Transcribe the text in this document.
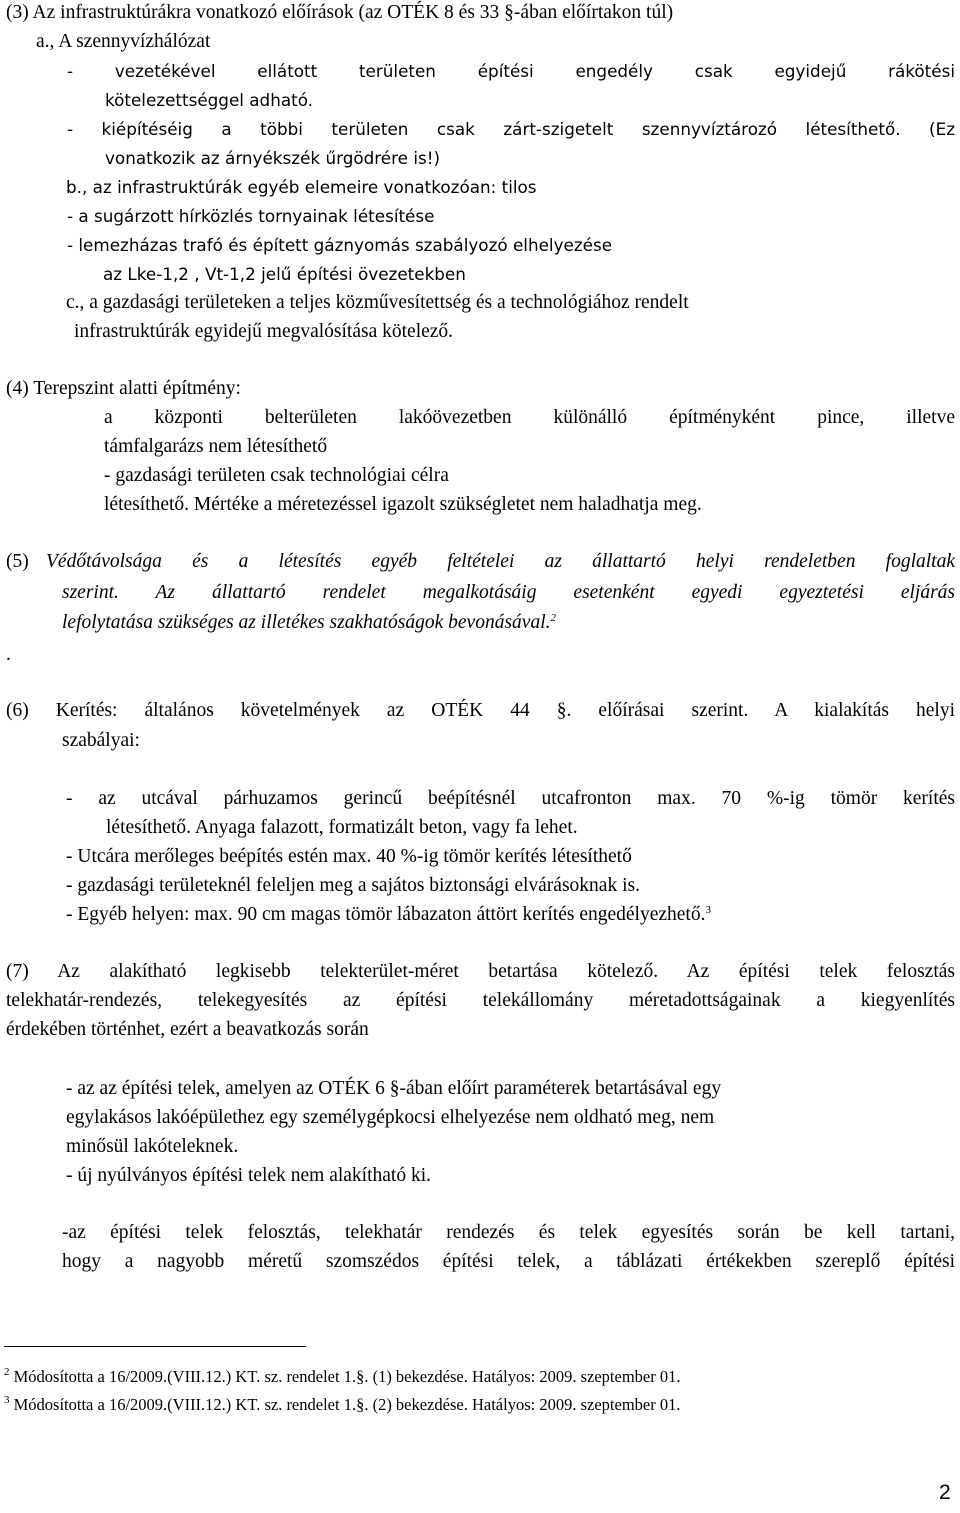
(3) Az infrastruktúrákra vonatkozó előírások (az OTÉK 8 és 33 §-ában előírtakon túl)
a., A szennyvízhálózat
- vezetékével ellátott területen építési engedély csak egyidejű rákötési
kötelezettséggel adható.
- kiépítéséig a többi területen csak zárt-szigetelt szennyvíztározó létesíthető. (Ez
vonatkozik az árnyékszék űrgödrére is!)
b., az infrastruktúrák egyéb elemeire vonatkozóan: tilos
- a sugárzott hírközlés tornyainak létesítése
- lemezházas trafó és épített gáznyomás szabályozó elhelyezése
az Lke-1,2 , Vt-1,2 jelű építési övezetekben
c., a gazdasági területeken a teljes közművesítettség és a technológiához rendelt
infrastruktúrák egyidejű megvalósítása kötelező.
(4) Terepszint alatti építmény:
a központi belterületen lakóövezetben különálló építményként pince, illetve
támfalgarázs nem létesíthető
- gazdasági területen csak technológiai célra
létesíthető. Mértéke a méretezéssel igazolt szükségletet nem haladhatja meg.
(5) Védőtávolsága és a létesítés egyéb feltételei az állattartó helyi rendeletben foglaltak
szerint. Az állattartó rendelet megalkotásáig esetenként egyedi egyeztetési eljárás
lefolytatása szükséges az illetékes szakhatóságok bevonásával.$^2$
.
(6) Kerítés: általános követelmények az OTÉK 44 §. előírásai szerint. A kialakítás helyi
szabályai:
- az utcával párhuzamos gerincű beépítésnél utcafronton max. 70 %-ig tömör kerítés
létesíthető. Anyaga falazott, formatizált beton, vagy fa lehet.
- Utcára merőleges beépítés estén max. 40 %-ig tömör kerítés létesíthető
- gazdasági területeknél feleljen meg a sajátos biztonsági elvárásoknak is.
- Egyéb helyen: max. 90 cm magas tömör lábazaton áttört kerítés engedélyezhető.$^3$
(7) Az alakítható legkisebb telekterület-méret betartása kötelező. Az építési telek felosztás
telekhatár-rendezés, telekegyesítés az építési telekállomány méretadottságainak a kiegyenlítés
érdekében történhet, ezért a beavatkozás során
- az az építési telek, amelyen az OTÉK 6 §-ában előírt paraméterek betartásával egy
egylakásos lakóépülethez egy személygépkocsi elhelyezése nem oldható meg, nem
minősül lakóteleknek.
- új nyúlványos építési telek nem alakítható ki.
-az építési telek felosztás, telekhatár rendezés és telek egyesítés során be kell tartani,
hogy a nagyobb méretű szomszédos építési telek, a táblázati értékekben szereplő építési
$^2$ Módosította a 16/2009.(VIII.12.) KT. sz. rendelet 1.§. (1) bekezdése. Hatályos: 2009. szeptember 01.
$^3$ Módosította a 16/2009.(VIII.12.) KT. sz. rendelet 1.§. (2) bekezdése. Hatályos: 2009. szeptember 01.
2
